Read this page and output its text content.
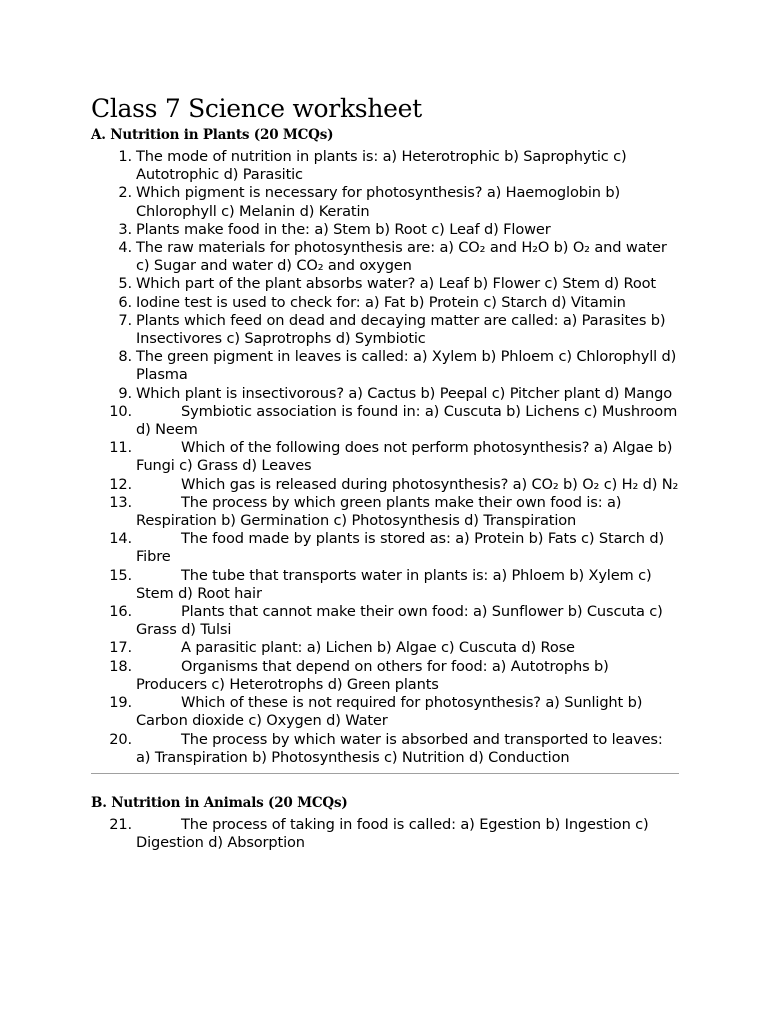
Class 7 Science worksheet
A. Nutrition in Plants (20 MCQs)
1. The mode of nutrition in plants is: a) Heterotrophic b) Saprophytic c) Autotrophic d) Parasitic
2. Which pigment is necessary for photosynthesis? a) Haemoglobin b) Chlorophyll c) Melanin d) Keratin
3. Plants make food in the: a) Stem b) Root c) Leaf d) Flower
4. The raw materials for photosynthesis are: a) CO₂ and H₂O b) O₂ and water c) Sugar and water d) CO₂ and oxygen
5. Which part of the plant absorbs water? a) Leaf b) Flower c) Stem d) Root
6. Iodine test is used to check for: a) Fat b) Protein c) Starch d) Vitamin
7. Plants which feed on dead and decaying matter are called: a) Parasites b) Insectivores c) Saprotrophs d) Symbiotic
8. The green pigment in leaves is called: a) Xylem b) Phloem c) Chlorophyll d) Plasma
9. Which plant is insectivorous? a) Cactus b) Peepal c) Pitcher plant d) Mango
10.	Symbiotic association is found in: a) Cuscuta b) Lichens c) Mushroom d) Neem
11.	Which of the following does not perform photosynthesis? a) Algae b) Fungi c) Grass d) Leaves
12.	Which gas is released during photosynthesis? a) CO₂ b) O₂ c) H₂ d) N₂
13.	The process by which green plants make their own food is: a) Respiration b) Germination c) Photosynthesis d) Transpiration
14.	The food made by plants is stored as: a) Protein b) Fats c) Starch d) Fibre
15.	The tube that transports water in plants is: a) Phloem b) Xylem c) Stem d) Root hair
16.	Plants that cannot make their own food: a) Sunflower b) Cuscuta c) Grass d) Tulsi
17.	A parasitic plant: a) Lichen b) Algae c) Cuscuta d) Rose
18.	Organisms that depend on others for food: a) Autotrophs b) Producers c) Heterotrophs d) Green plants
19.	Which of these is not required for photosynthesis? a) Sunlight b) Carbon dioxide c) Oxygen d) Water
20.	The process by which water is absorbed and transported to leaves: a) Transpiration b) Photosynthesis c) Nutrition d) Conduction
B. Nutrition in Animals (20 MCQs)
21.	The process of taking in food is called: a) Egestion b) Ingestion c) Digestion d) Absorption
